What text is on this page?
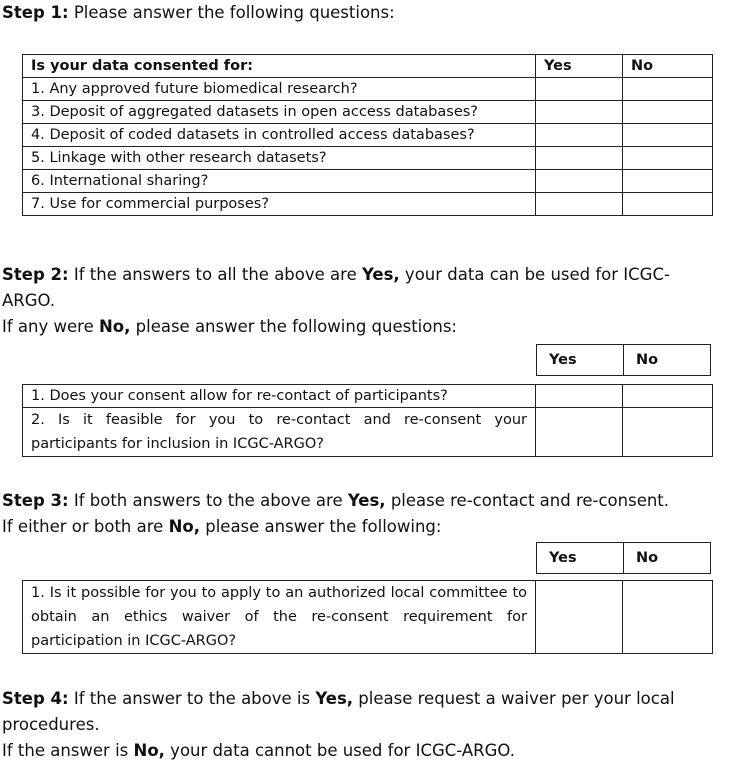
Step 1: Please answer the following questions:
Is your data consented for:	Yes	No
1. Any approved future biomedical research?		
3. Deposit of aggregated datasets in open access databases?		
4. Deposit of coded datasets in controlled access databases?		
5. Linkage with other research datasets?		
6. International sharing?		
7. Use for commercial purposes?		
Step 2: If the answers to all the above are Yes, your data can be used for ICGC-
ARGO.
If any were No, please answer the following questions:
Yes	No
1. Does your consent allow for re-contact of participants?		
2. Is it feasible for you to re-contact and re-consent your participants for inclusion in ICGC-ARGO?		
Step 3: If both answers to the above are Yes, please re-contact and re-consent.
If either or both are No, please answer the following:
Yes	No
1. Is it possible for you to apply to an authorized local committee to obtain an ethics waiver of the re-consent requirement for participation in ICGC-ARGO?		
Step 4: If the answer to the above is Yes, please request a waiver per your local
procedures.
If the answer is No, your data cannot be used for ICGC-ARGO.
